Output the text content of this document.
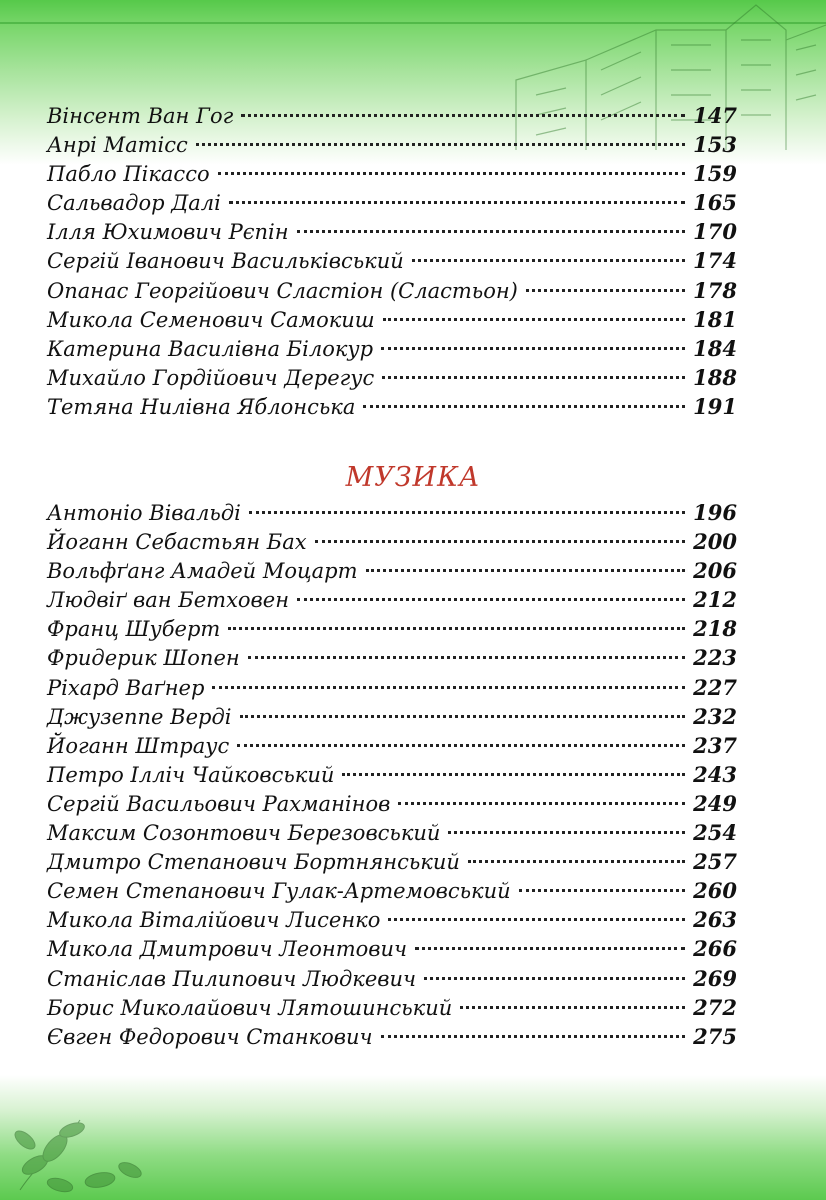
Вінсент Ван Гог	147
Анрі Матісс	153
Пабло Пікассо	159
Сальвадор Далі	165
Ілля Юхимович Рєпін	170
Сергій Іванович Васильківський	174
Опанас Георгійович Сластіон (Сластьон)	178
Микола Семенович Самокиш	181
Катерина Василівна Білокур	184
Михайло Гордійович Дерегус	188
Тетяна Нилівна Яблонська	191
МУЗИКА
Антоніо Вівальді	196
Йоганн Себастьян Бах	200
Вольфґанг Амадей Моцарт	206
Людвіґ ван Бетховен	212
Франц Шуберт	218
Фридерик Шопен	223
Ріхард Ваґнер	227
Джузеппе Верді	232
Йоганн Штраус	237
Петро Ілліч Чайковський	243
Сергій Васильович Рахманінов	249
Максим Созонтович Березовський	254
Дмитро Степанович Бортнянський	257
Семен Степанович Гулак-Артемовський	260
Микола Віталійович Лисенко	263
Микола Дмитрович Леонтович	266
Станіслав Пилипович Людкевич	269
Борис Миколайович Лятошинський	272
Євген Федорович Станкович	275
